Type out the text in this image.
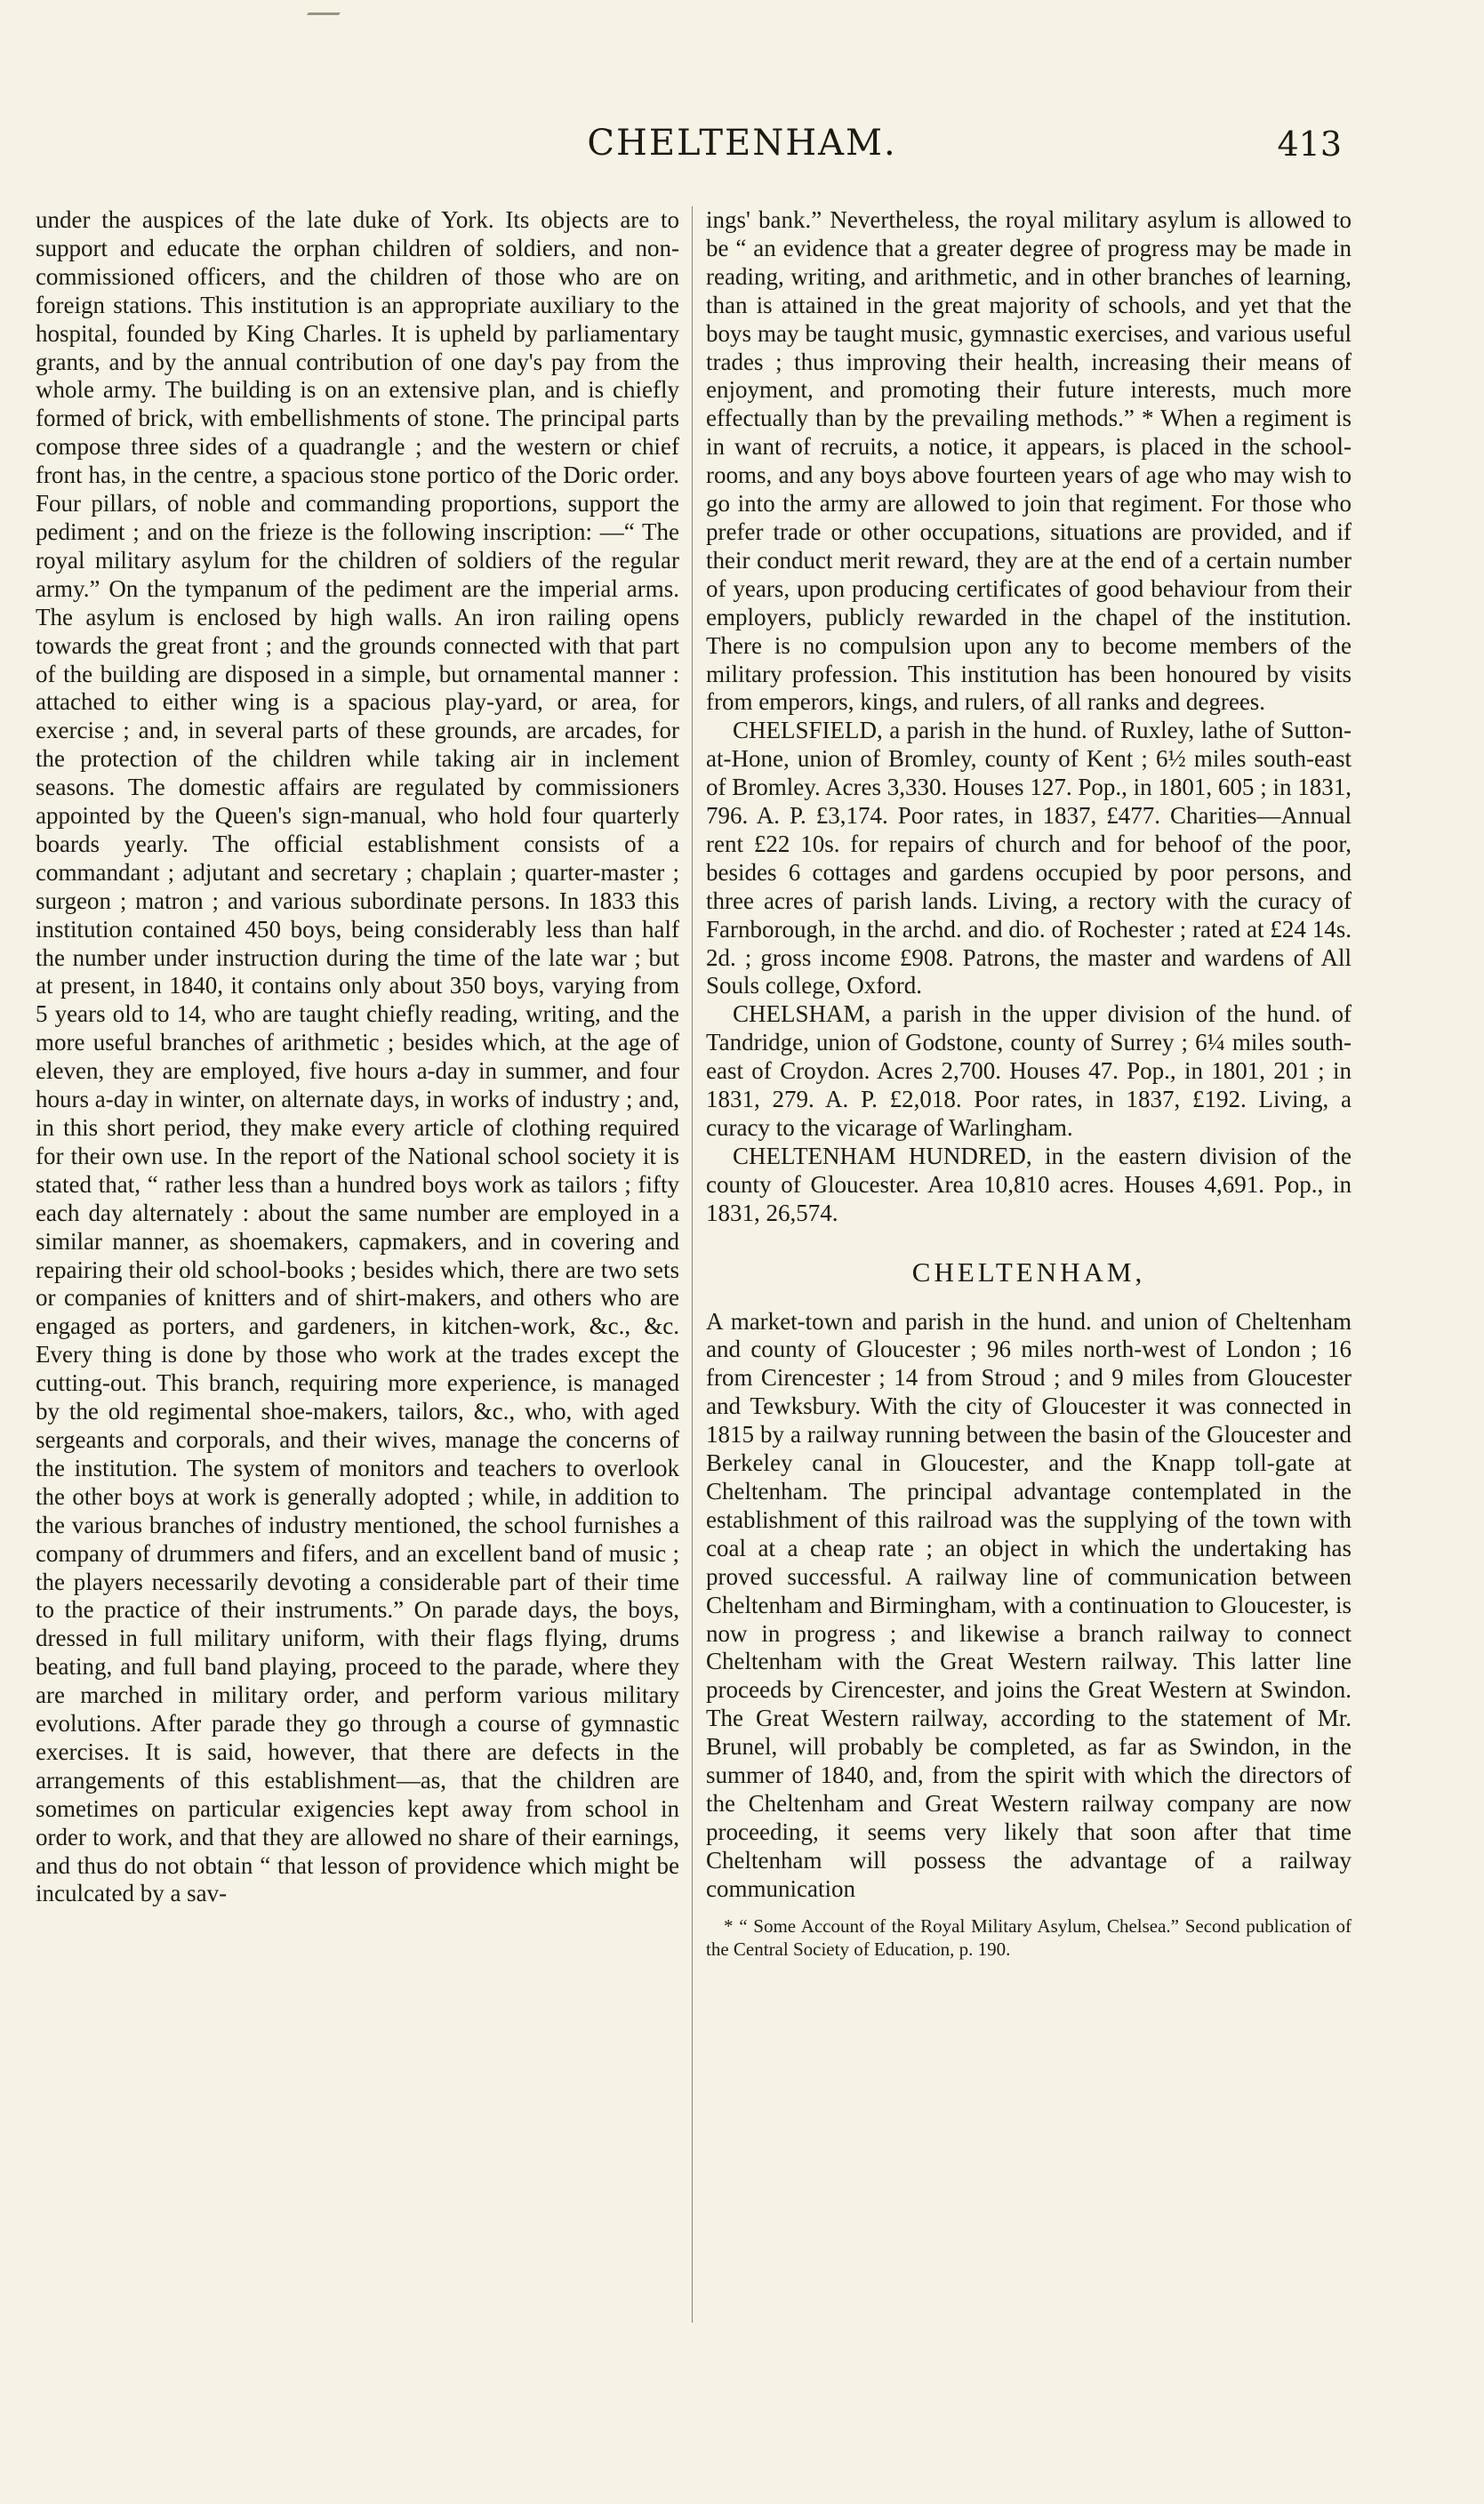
CHELTENHAM.	413

under the auspices of the late duke of York. Its objects are to support and educate the orphan children of soldiers, and non-commissioned officers, and the children of those who are on foreign stations. This institution is an appropriate auxiliary to the hospital, founded by King Charles. It is upheld by parliamentary grants, and by the annual contribution of one day's pay from the whole army. The building is on an extensive plan, and is chiefly formed of brick, with embellishments of stone. The principal parts compose three sides of a quadrangle ; and the western or chief front has, in the centre, a spacious stone portico of the Doric order. Four pillars, of noble and commanding proportions, support the pediment ; and on the frieze is the following inscription: —“ The royal military asylum for the children of soldiers of the regular army.” On the tympanum of the pediment are the imperial arms. The asylum is enclosed by high walls. An iron railing opens towards the great front ; and the grounds connected with that part of the building are disposed in a simple, but ornamental manner : attached to either wing is a spacious play-yard, or area, for exercise ; and, in several parts of these grounds, are arcades, for the protection of the children while taking air in inclement seasons. The domestic affairs are regulated by commissioners appointed by the Queen's sign-manual, who hold four quarterly boards yearly. The official establishment consists of a commandant ; adjutant and secretary ; chaplain ; quarter-master ; surgeon ; matron ; and various subordinate persons. In 1833 this institution contained 450 boys, being considerably less than half the number under instruction during the time of the late war ; but at present, in 1840, it contains only about 350 boys, varying from 5 years old to 14, who are taught chiefly reading, writing, and the more useful branches of arithmetic ; besides which, at the age of eleven, they are employed, five hours a-day in summer, and four hours a-day in winter, on alternate days, in works of industry ; and, in this short period, they make every article of clothing required for their own use. In the report of the National school society it is stated that, “ rather less than a hundred boys work as tailors ; fifty each day alternately : about the same number are employed in a similar manner, as shoemakers, capmakers, and in covering and repairing their old school-books ; besides which, there are two sets or companies of knitters and of shirt-makers, and others who are engaged as porters, and gardeners, in kitchen-work, &c., &c. Every thing is done by those who work at the trades except the cutting-out. This branch, requiring more experience, is managed by the old regimental shoe-makers, tailors, &c., who, with aged sergeants and corporals, and their wives, manage the concerns of the institution. The system of monitors and teachers to overlook the other boys at work is generally adopted ; while, in addition to the various branches of industry mentioned, the school furnishes a company of drummers and fifers, and an excellent band of music ; the players necessarily devoting a considerable part of their time to the practice of their instruments.” On parade days, the boys, dressed in full military uniform, with their flags flying, drums beating, and full band playing, proceed to the parade, where they are marched in military order, and perform various military evolutions. After parade they go through a course of gymnastic exercises. It is said, however, that there are defects in the arrangements of this establishment—as, that the children are sometimes on particular exigencies kept away from school in order to work, and that they are allowed no share of their earnings, and thus do not obtain “ that lesson of providence which might be inculcated by a sav-

ings' bank.” Nevertheless, the royal military asylum is allowed to be “ an evidence that a greater degree of progress may be made in reading, writing, and arithmetic, and in other branches of learning, than is attained in the great majority of schools, and yet that the boys may be taught music, gymnastic exercises, and various useful trades ; thus improving their health, increasing their means of enjoyment, and promoting their future interests, much more effectually than by the prevailing methods.” * When a regiment is in want of recruits, a notice, it appears, is placed in the school-rooms, and any boys above fourteen years of age who may wish to go into the army are allowed to join that regiment. For those who prefer trade or other occupations, situations are provided, and if their conduct merit reward, they are at the end of a certain number of years, upon producing certificates of good behaviour from their employers, publicly rewarded in the chapel of the institution. There is no compulsion upon any to become members of the military profession. This institution has been honoured by visits from emperors, kings, and rulers, of all ranks and degrees.

CHELSFIELD, a parish in the hund. of Ruxley, lathe of Sutton-at-Hone, union of Bromley, county of Kent ; 6½ miles south-east of Bromley. Acres 3,330. Houses 127. Pop., in 1801, 605 ; in 1831, 796. A. P. £3,174. Poor rates, in 1837, £477. Charities—Annual rent £22 10s. for repairs of church and for behoof of the poor, besides 6 cottages and gardens occupied by poor persons, and three acres of parish lands. Living, a rectory with the curacy of Farnborough, in the archd. and dio. of Rochester ; rated at £24 14s. 2d. ; gross income £908. Patrons, the master and wardens of All Souls college, Oxford.

CHELSHAM, a parish in the upper division of the hund. of Tandridge, union of Godstone, county of Surrey ; 6¼ miles south-east of Croydon. Acres 2,700. Houses 47. Pop., in 1801, 201 ; in 1831, 279. A. P. £2,018. Poor rates, in 1837, £192. Living, a curacy to the vicarage of Warlingham.

CHELTENHAM HUNDRED, in the eastern division of the county of Gloucester. Area 10,810 acres. Houses 4,691. Pop., in 1831, 26,574.

CHELTENHAM,

A market-town and parish in the hund. and union of Cheltenham and county of Gloucester ; 96 miles north-west of London ; 16 from Cirencester ; 14 from Stroud ; and 9 miles from Gloucester and Tewksbury. With the city of Gloucester it was connected in 1815 by a railway running between the basin of the Gloucester and Berkeley canal in Gloucester, and the Knapp toll-gate at Cheltenham. The principal advantage contemplated in the establishment of this railroad was the supplying of the town with coal at a cheap rate ; an object in which the undertaking has proved successful. A railway line of communication between Cheltenham and Birmingham, with a continuation to Gloucester, is now in progress ; and likewise a branch railway to connect Cheltenham with the Great Western railway. This latter line proceeds by Cirencester, and joins the Great Western at Swindon. The Great Western railway, according to the statement of Mr. Brunel, will probably be completed, as far as Swindon, in the summer of 1840, and, from the spirit with which the directors of the Cheltenham and Great Western railway company are now proceeding, it seems very likely that soon after that time Cheltenham will possess the advantage of a railway communication

* “ Some Account of the Royal Military Asylum, Chelsea.” Second publication of the Central Society of Education, p. 190.
